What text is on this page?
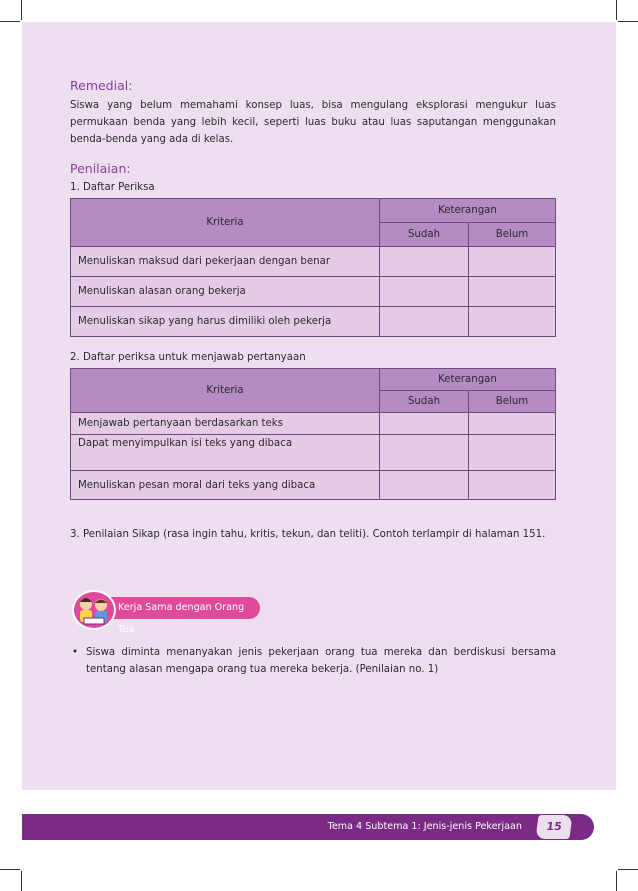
Remedial:

Siswa yang belum memahami konsep luas, bisa mengulang eksplorasi mengukur luas permukaan benda yang lebih kecil, seperti luas buku atau luas saputangan menggunakan benda-benda yang ada di kelas.

Penilaian:

1. Daftar Periksa

Kriteria	Keterangan	
	Sudah	Belum
Menuliskan maksud dari pekerjaan dengan benar		
Menuliskan alasan orang bekerja		
Menuliskan sikap yang harus dimiliki oleh pekerja		

2. Daftar periksa untuk menjawab pertanyaan

Kriteria	Keterangan	
	Sudah	Belum
Menjawab pertanyaan berdasarkan teks		
Dapat menyimpulkan isi teks yang dibaca		
Menuliskan pesan moral dari teks yang dibaca		

3. Penilaian Sikap (rasa ingin tahu, kritis, tekun, dan teliti). Contoh terlampir di halaman 151.

Kerja Sama dengan Orang Tua
• Siswa diminta menanyakan jenis pekerjaan orang tua mereka dan berdiskusi bersama tentang alasan mengapa orang tua mereka bekerja. (Penilaian no. 1)
Tema 4 Subtema 1: Jenis-jenis Pekerjaan	15
